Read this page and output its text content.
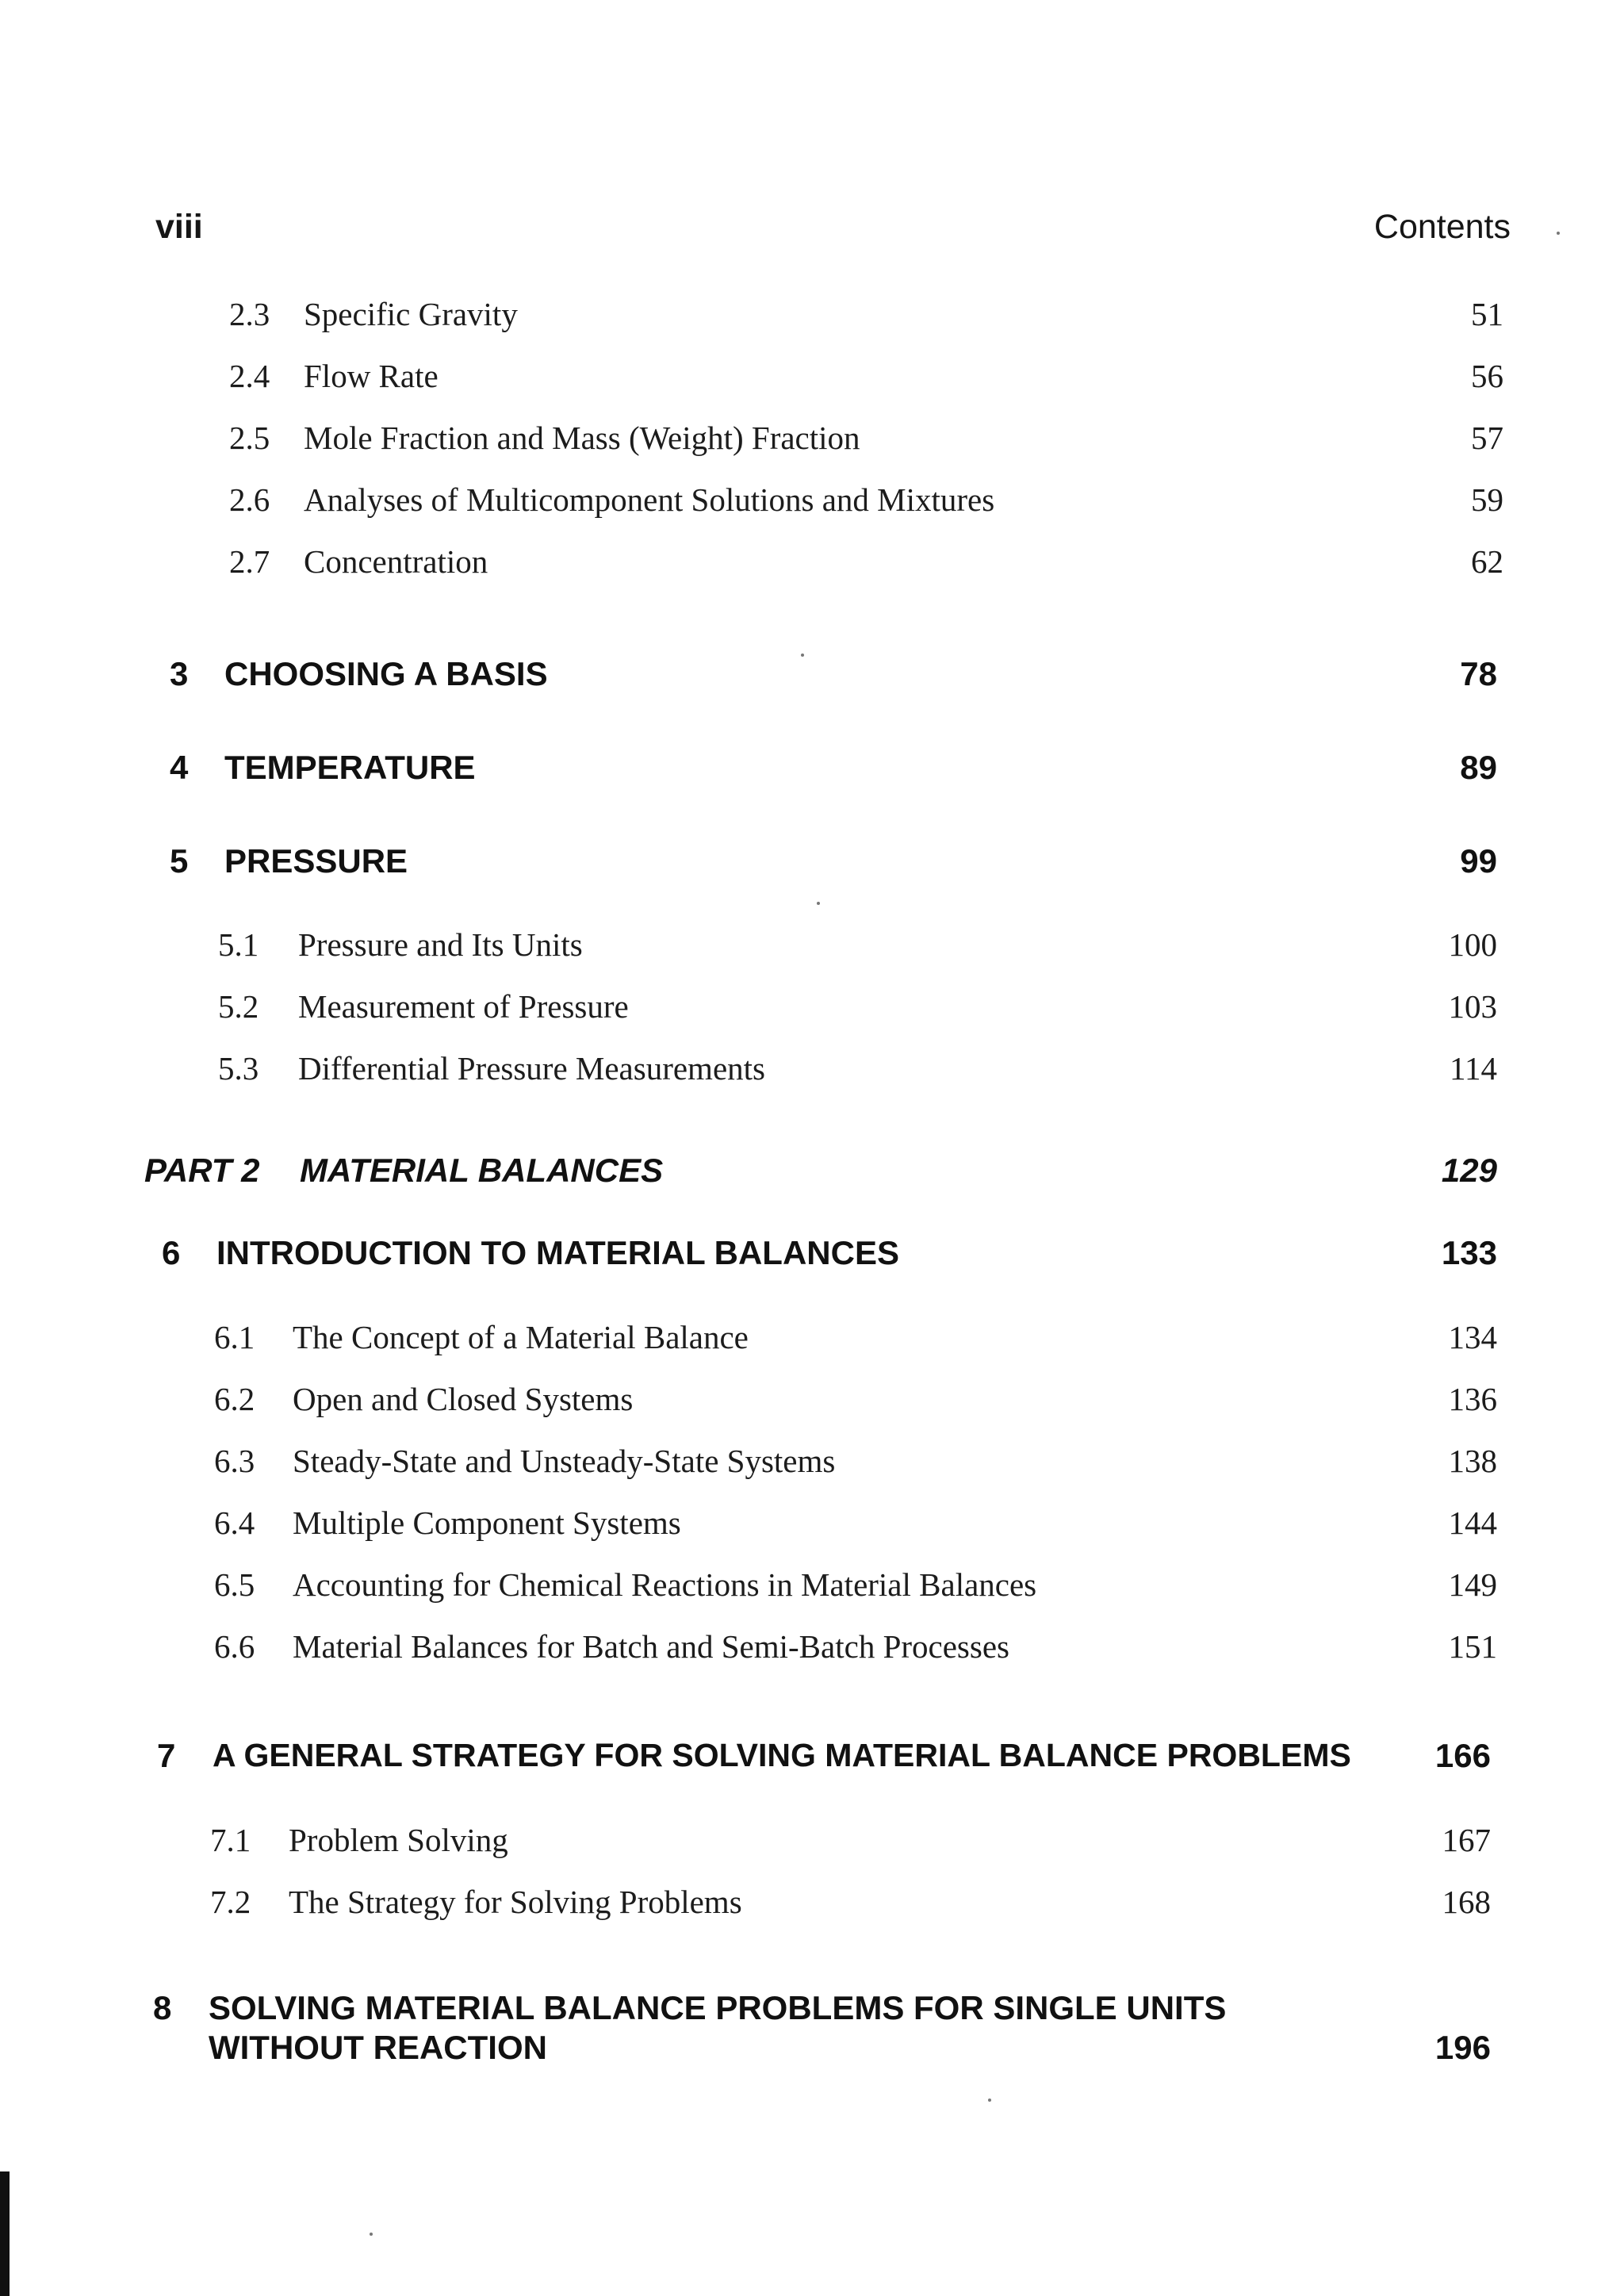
viii	Contents
2.3 Specific Gravity	51
2.4 Flow Rate	56
2.5 Mole Fraction and Mass (Weight) Fraction	57
2.6 Analyses of Multicomponent Solutions and Mixtures	59
2.7 Concentration	62
3 CHOOSING A BASIS	78
4 TEMPERATURE	89
5 PRESSURE	99
5.1 Pressure and Its Units	100
5.2 Measurement of Pressure	103
5.3 Differential Pressure Measurements	114
PART 2 MATERIAL BALANCES	129
6 INTRODUCTION TO MATERIAL BALANCES	133
6.1 The Concept of a Material Balance	134
6.2 Open and Closed Systems	136
6.3 Steady-State and Unsteady-State Systems	138
6.4 Multiple Component Systems	144
6.5 Accounting for Chemical Reactions in Material Balances	149
6.6 Material Balances for Batch and Semi-Batch Processes	151
7 A GENERAL STRATEGY FOR SOLVING MATERIAL BALANCE PROBLEMS	166
7.1 Problem Solving	167
7.2 The Strategy for Solving Problems	168
8 SOLVING MATERIAL BALANCE PROBLEMS FOR SINGLE UNITS
WITHOUT REACTION	196
